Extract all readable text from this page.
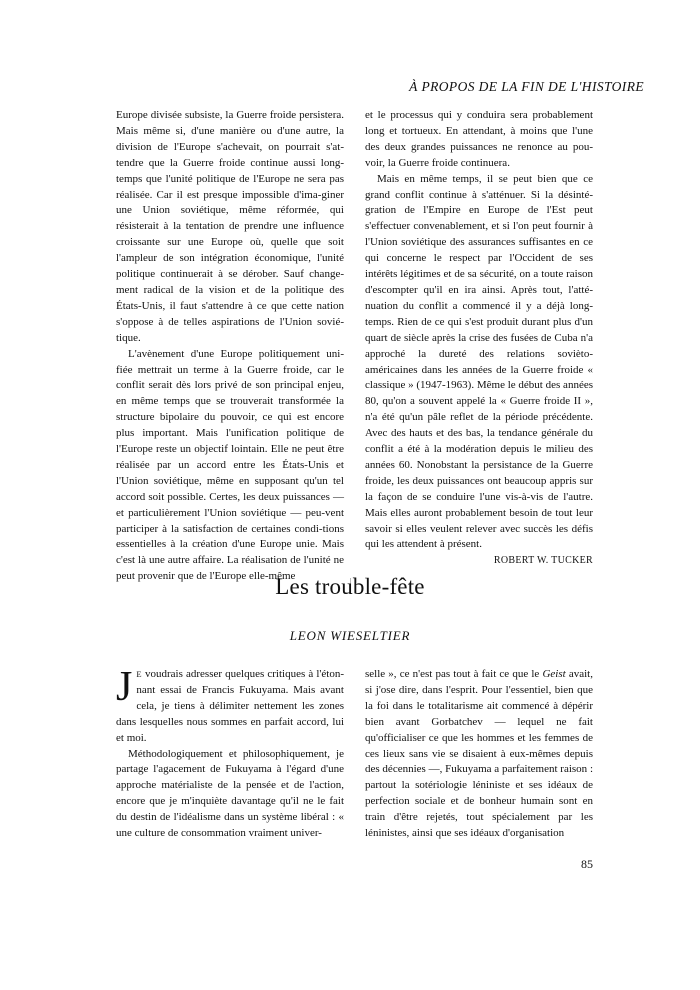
À PROPOS DE LA FIN DE L'HISTOIRE

Europe divisée subsiste, la Guerre froide persistera. Mais même si, d'une manière ou d'une autre, la division de l'Europe s'achevait, on pourrait s'at-tendre que la Guerre froide continue aussi long-temps que l'unité politique de l'Europe ne sera pas réalisée. Car il est presque impossible d'ima-giner une Union soviétique, même réformée, qui résisterait à la tentation de prendre une influence croissante sur une Europe où, quelle que soit l'ampleur de son intégration économique, l'unité politique continuerait à se dérober. Sauf change-ment radical de la vision et de la politique des États-Unis, il faut s'attendre à ce que cette nation s'oppose à de telles aspirations de l'Union sovié-tique.

L'avènement d'une Europe politiquement uni-fiée mettrait un terme à la Guerre froide, car le conflit serait dès lors privé de son principal enjeu, en même temps que se trouverait transformée la structure bipolaire du pouvoir, ce qui est encore plus important. Mais l'unification politique de l'Europe reste un objectif lointain. Elle ne peut être réalisée par un accord entre les États-Unis et l'Union soviétique, même en supposant qu'un tel accord soit possible. Certes, les deux puissances — et particulièrement l'Union soviétique — peu-vent participer à la satisfaction de certaines condi-tions essentielles à la création d'une Europe unie. Mais c'est là une autre affaire. La réalisation de l'unité ne peut provenir que de l'Europe elle-même

et le processus qui y conduira sera probablement long et tortueux. En attendant, à moins que l'une des deux grandes puissances ne renonce au pou-voir, la Guerre froide continuera.

Mais en même temps, il se peut bien que ce grand conflit continue à s'atténuer. Si la désinté-gration de l'Empire en Europe de l'Est peut s'effectuer convenablement, et si l'on peut fournir à l'Union soviétique des assurances suffisantes en ce qui concerne le respect par l'Occident de ses intérêts légitimes et de sa sécurité, on a toute raison d'escompter qu'il en ira ainsi. Après tout, l'atté-nuation du conflit a commencé il y a déjà long-temps. Rien de ce qui s'est produit durant plus d'un quart de siècle après la crise des fusées de Cuba n'a approché la dureté des relations sovièto-américaines dans les années de la Guerre froide « classique » (1947-1963). Même le début des années 80, qu'on a souvent appelé la « Guerre froide II », n'a été qu'un pâle reflet de la période précédente. Avec des hauts et des bas, la tendance générale du conflit a été à la modération depuis le milieu des années 60. Nonobstant la persistance de la Guerre froide, les deux puissances ont beaucoup appris sur la façon de se conduire l'une vis-à-vis de l'autre. Mais elles auront probablement besoin de tout leur savoir si elles veulent relever avec succès les défis qui les attendent à présent.

ROBERT W. TUCKER

Les trouble-fête
LEON WIESELTIER

J E voudrais adresser quelques critiques à l'éton-nant essai de Francis Fukuyama. Mais avant cela, je tiens à délimiter nettement les zones dans lesquelles nous sommes en parfait accord, lui et moi.

Méthodologiquement et philosophiquement, je partage l'agacement de Fukuyama à l'égard d'une approche matérialiste de la pensée et de l'action, encore que je m'inquiète davantage qu'il ne le fait du destin de l'idéalisme dans un système libéral : « une culture de consommation vraiment univer-

selle », ce n'est pas tout à fait ce que le Geist avait, si j'ose dire, dans l'esprit. Pour l'essentiel, bien que la foi dans le totalitarisme ait commencé à dépérir bien avant Gorbatchev — lequel ne fait qu'officialiser ce que les hommes et les femmes de ces lieux sans vie se disaient à eux-mêmes depuis des décennies —, Fukuyama a parfaitement raison : partout la sotériologie léniniste et ses idéaux de perfection sociale et de bonheur humain sont en train d'être rejetés, tout spécialement par les léninistes, ainsi que ses idéaux d'organisation

85
